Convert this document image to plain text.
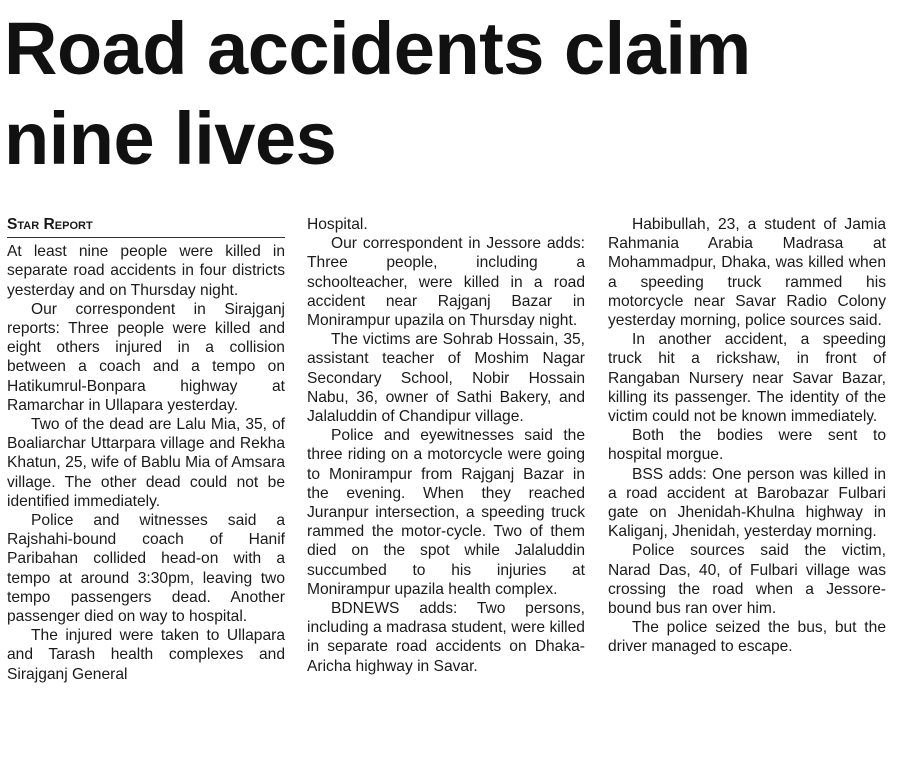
Road accidents claim nine lives
Star Report

At least nine people were killed in separate road accidents in four districts yesterday and on Thursday night.

Our correspondent in Sirajganj reports: Three people were killed and eight others injured in a collision between a coach and a tempo on Hatikumrul-Bonpara highway at Ramarchar in Ullapara yesterday.

Two of the dead are Lalu Mia, 35, of Boaliarchar Uttarpara village and Rekha Khatun, 25, wife of Bablu Mia of Amsara village. The other dead could not be identified immediately.

Police and witnesses said a Rajshahi-bound coach of Hanif Paribahan collided head-on with a tempo at around 3:30pm, leaving two tempo passengers dead. Another passenger died on way to hospital.

The injured were taken to Ullapara and Tarash health complexes and Sirajganj General

Hospital.

Our correspondent in Jessore adds: Three people, including a schoolteacher, were killed in a road accident near Rajganj Bazar in Monirampur upazila on Thursday night.

The victims are Sohrab Hossain, 35, assistant teacher of Moshim Nagar Secondary School, Nobir Hossain Nabu, 36, owner of Sathi Bakery, and Jalaluddin of Chandipur village.

Police and eyewitnesses said the three riding on a motorcycle were going to Monirampur from Rajganj Bazar in the evening. When they reached Juranpur intersection, a speeding truck rammed the motor-cycle. Two of them died on the spot while Jalaluddin succumbed to his injuries at Monirampur upazila health complex.

BDNEWS adds: Two persons, including a madrasa student, were killed in separate road accidents on Dhaka-Aricha highway in Savar.

Habibullah, 23, a student of Jamia Rahmania Arabia Madrasa at Mohammadpur, Dhaka, was killed when a speeding truck rammed his motorcycle near Savar Radio Colony yesterday morning, police sources said.

In another accident, a speeding truck hit a rickshaw, in front of Rangaban Nursery near Savar Bazar, killing its passenger. The identity of the victim could not be known immediately.

Both the bodies were sent to hospital morgue.

BSS adds: One person was killed in a road accident at Barobazar Fulbari gate on Jhenidah-Khulna highway in Kaliganj, Jhenidah, yesterday morning.

Police sources said the victim, Narad Das, 40, of Fulbari village was crossing the road when a Jessore-bound bus ran over him.

The police seized the bus, but the driver managed to escape.
